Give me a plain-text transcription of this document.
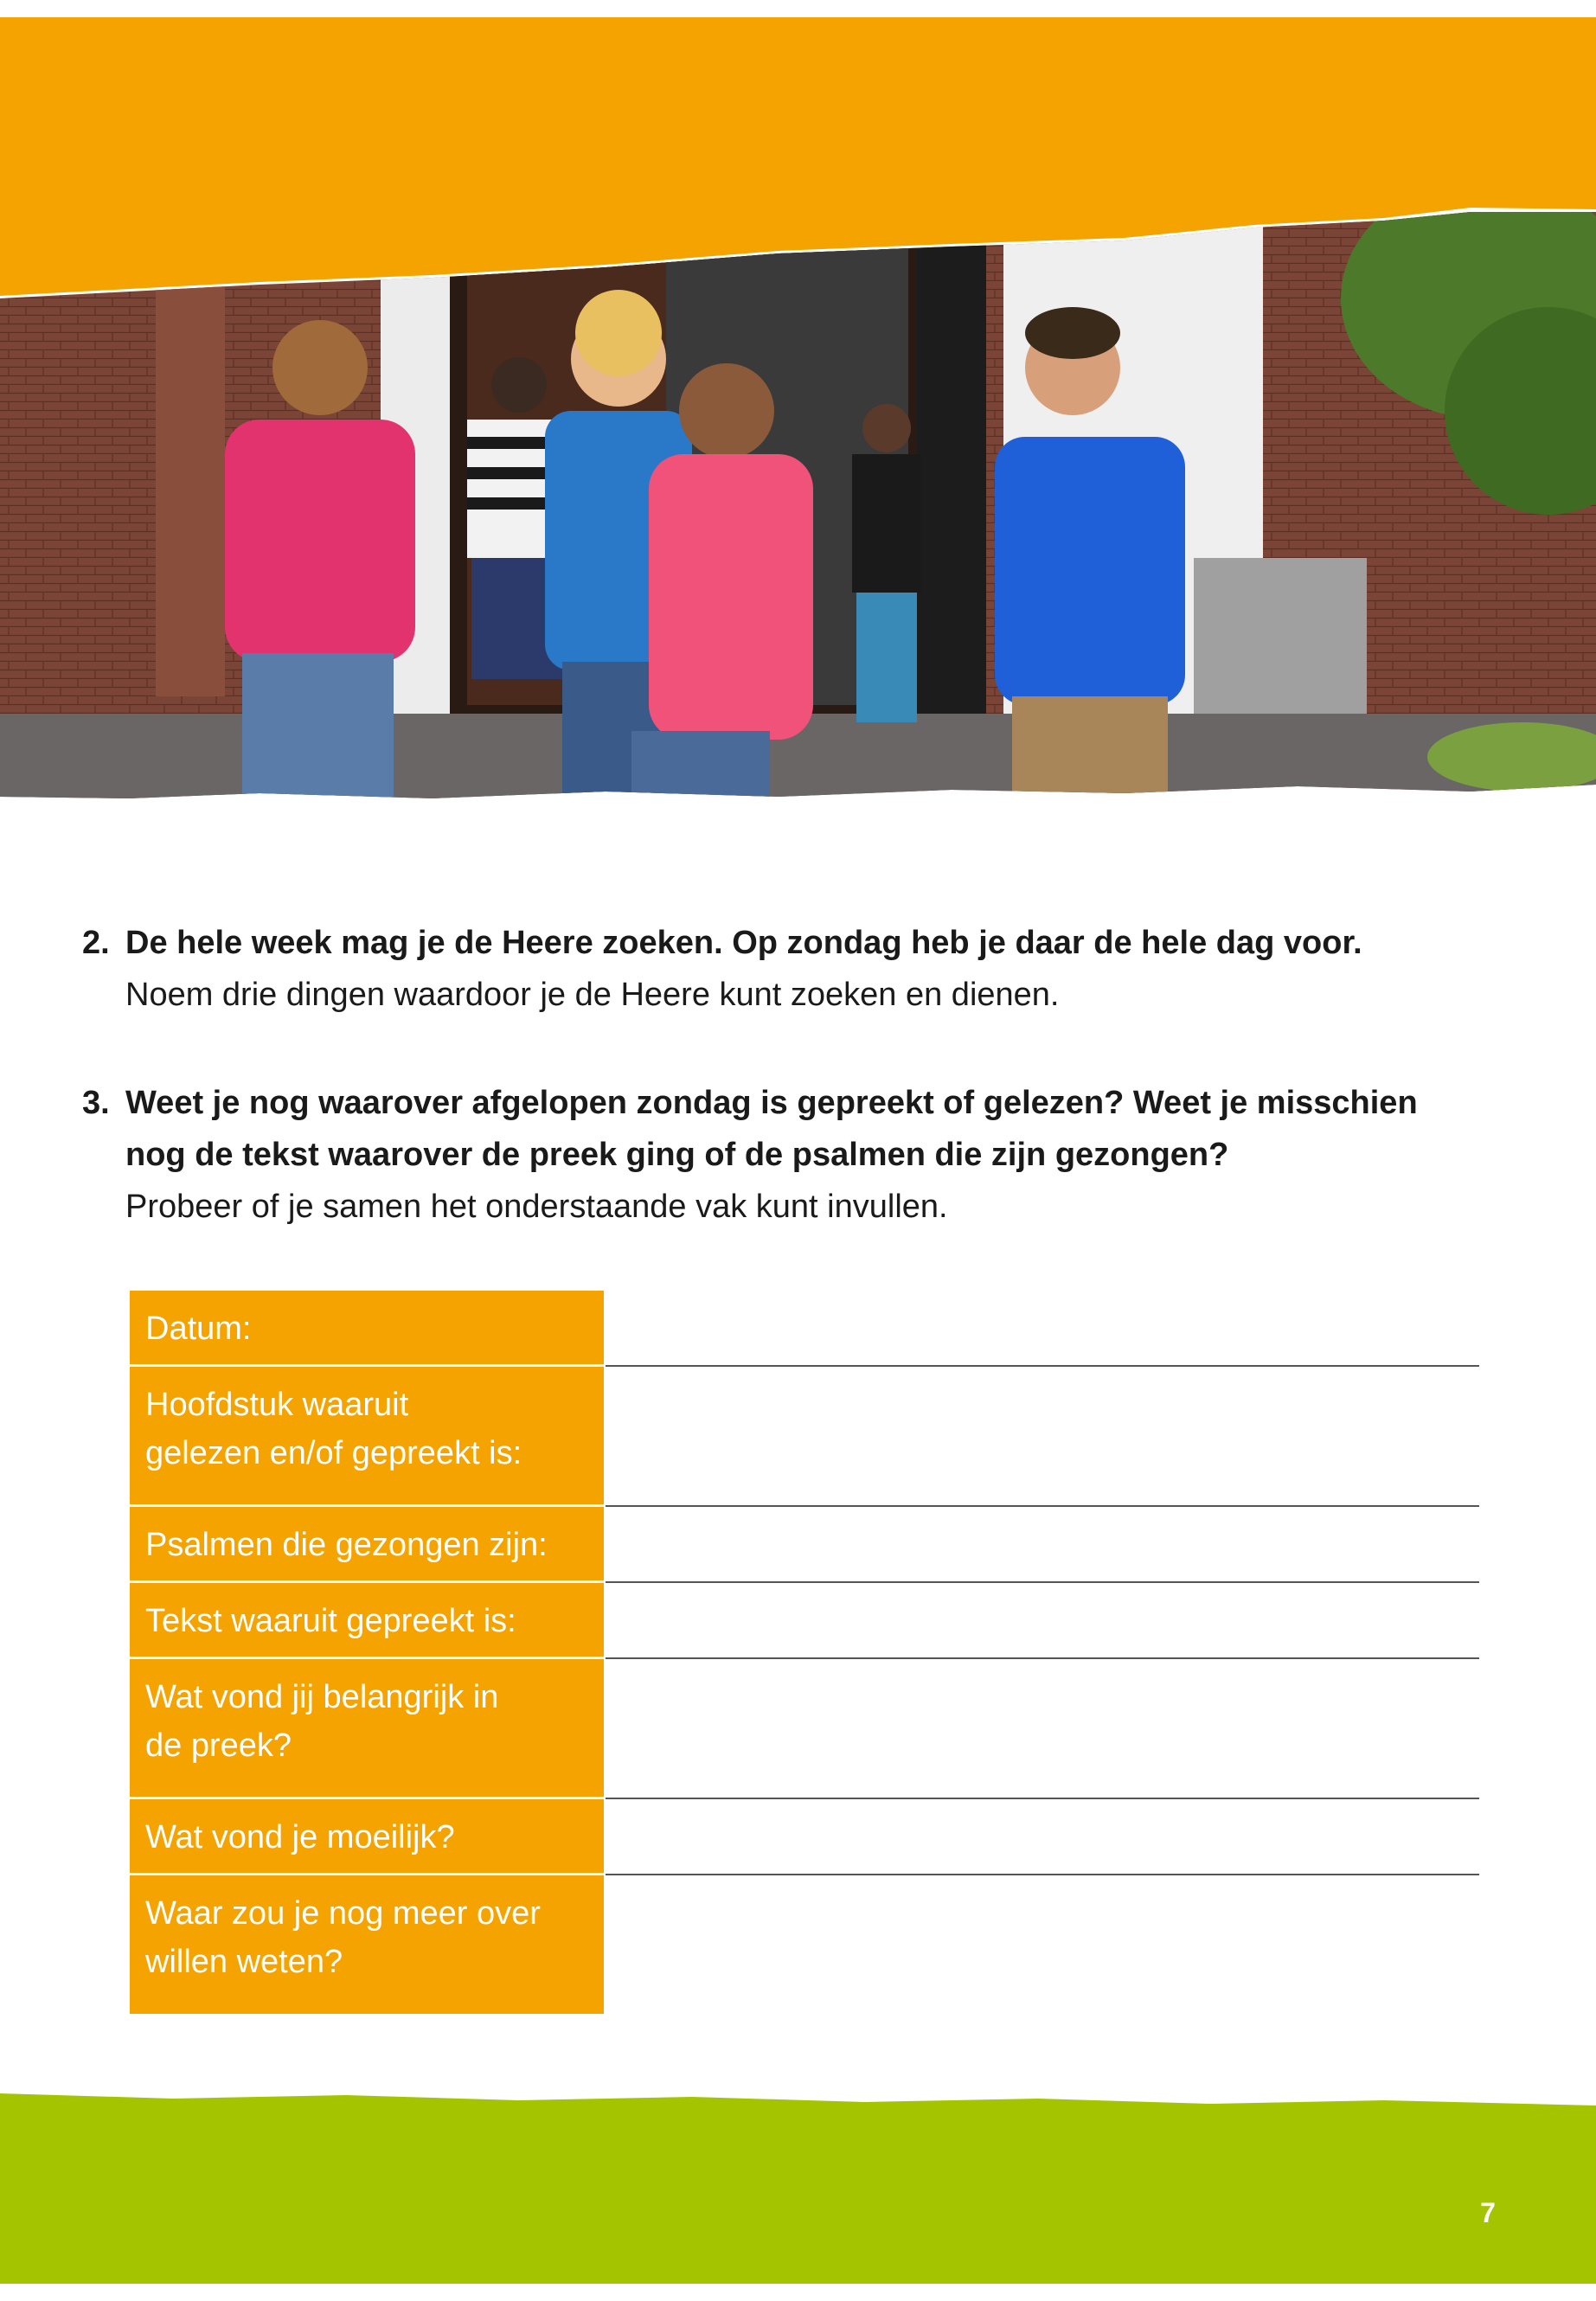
2. De hele week mag je de Heere zoeken. Op zondag heb je daar de hele dag voor.
Noem drie dingen waardoor je de Heere kunt zoeken en dienen.
3. Weet je nog waarover afgelopen zondag is gepreekt of gelezen? Weet je misschien
nog de tekst waarover de preek ging of de psalmen die zijn gezongen?
Probeer of je samen het onderstaande vak kunt invullen.
Datum:
Hoofdstuk waaruit
gelezen en/of gepreekt is:
Psalmen die gezongen zijn:
Tekst waaruit gepreekt is:
Wat vond jij belangrijk in
de preek?
Wat vond je moeilijk?
Waar zou je nog meer over
willen weten?
7
